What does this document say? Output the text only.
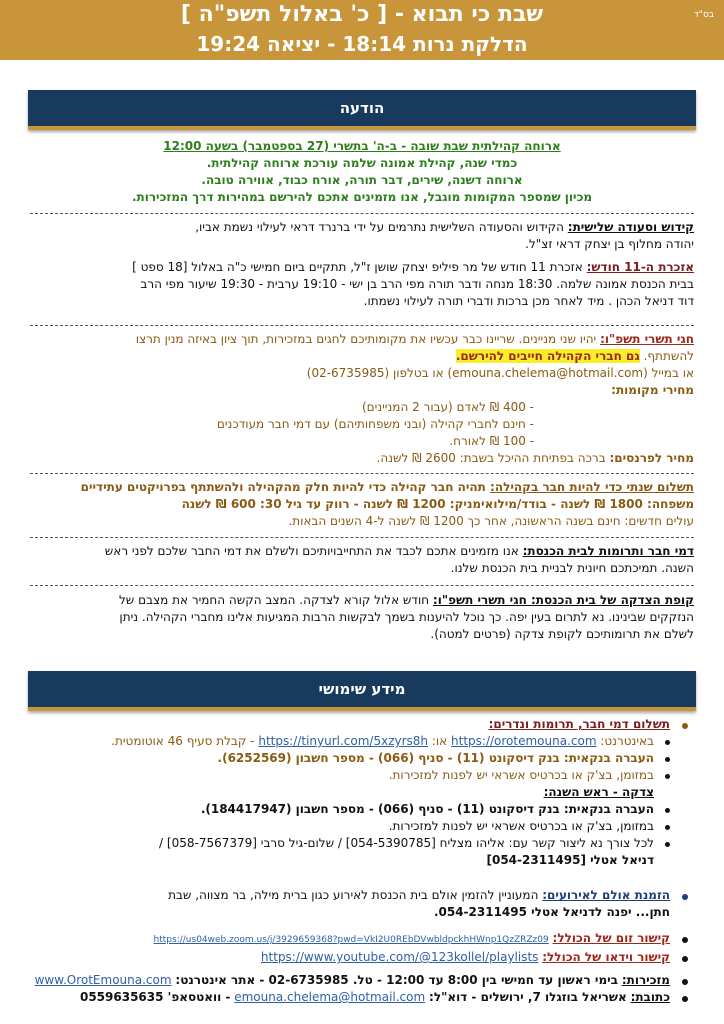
בס"ד
שבת כי תבוא - [ כ' באלול תשפ"ה ]
הדלקת נרות 18:14 - יציאה 19:24
הודעה
ארוחה קהילתית שבת שובה - ב-ה' בתשרי (27 בספטמבר) בשעה 12:00
כמדי שנה, קהילת אמונה שלמה עורכת ארוחה קהילתית.
ארוחה דשנה, שירים, דבר תורה, אורח כבוד, אווירה טובה.
מכיון שמספר המקומות מוגבל, אנו מזמינים אתכם להירשם במהירות דרך המזכירות.
קידוש וסעודה שלישית: הקידוש והסעודה השלישית נתרמים על ידי ברנרד דראי לעילוי נשמת אביו,
יהודה מחלוף בן יצחק דראי זצ"ל.
אזכרת ה-11 חודש: אזכרת 11 חודש של מר פיליפ יצחק שושן ז"ל, תתקיים ביום חמישי כ"ה באלול [18 ספט ]
בבית הכנסת אמונה שלמה. 18:30 מנחה ודבר תורה מפי הרב בן ישי - 19:10 ערבית - 19:30 שיעור מפי הרב
דוד דניאל הכהן . מיד לאחר מכן ברכות ודברי תורה לעילוי נשמתו.
חגי תשרי תשפ"ו: יהיו שני מניינים. שריינו כבר עכשיו את מקומותיכם לחגים במזכירות, תוך ציון באיזה מנין תרצו
להשתתף. גם חברי הקהילה חייבים להירשם.
או במייל (emouna.chelema@hotmail.com) או בטלפון (02-6735985)
מחירי מקומות:
- 400 ₪ לאדם (עבור 2 המניינים)
- חינם לחברי קהילה (ובני משפחותיהם) עם דמי חבר מעודכנים
- 100 ₪ לאורח.
מחיר לפרנסים: ברכה בפתיחת ההיכל בשבת: 2600 ₪ לשנה.
תשלום שנתי כדי להיות חבר בקהילה: תהיה חבר קהילה כדי להיות חלק מהקהילה ולהשתתף בפרויקטים עתידיים
משפחה: 1800 ₪ לשנה - בודד/מילואימניק: 1200 ₪ לשנה - רווק עד גיל 30: 600 ₪ לשנה
עולים חדשים: חינם בשנה הראשונה, אחר כך 1200 ₪ לשנה ל-4 השנים הבאות.
דמי חבר ותרומות לבית הכנסת: אנו מזמינים אתכם לכבד את התחייבויותיכם ולשלם את דמי החבר שלכם לפני ראש
השנה. תמיכתכם חיונית לבניית בית הכנסת שלנו.
קופת הצדקה של בית הכנסת: חגי תשרי תשפ"ו: חודש אלול קורא לצדקה. המצב הקשה החמיר את מצבם של
הנזקקים שבינינו. נא לתרום בעין יפה. כך נוכל להיענות בשמך לבקשות הרבות המגיעות אלינו מחברי הקהילה. ניתן
לשלם את תרומותיכם לקופת צדקה (פרטים למטה).
מידע שימושי
תשלום דמי חבר, תרומות ונדרים:
באינטרנט: https://orotemouna.com או: https://tinyurl.com/5xzyrs8h - קבלת סעיף 46 אוטומטית.
העברה בנקאית: בנק דיסקונט (11) - סניף (066) - מספר חשבון (6252569).
במזומן, בצ'ק או בכרטיס אשראי יש לפנות למזכירות.
צדקה - ראש השנה:
העברה בנקאית: בנק דיסקונט (11) - סניף (066) - מספר חשבון (184417947).
במזומן, בצ'ק או בכרטיס אשראי יש לפנות למזכירות.
לכל צורך נא ליצור קשר עם: אליהו מצליח [054-5390785] / שלום-גיל סרבי [058-7567379] /
דניאל אטלי [054-2311495]
הזמנת אולם לאירועים: המעוניין להזמין אולם בית הכנסת לאירוע כגון ברית מילה, בר מצווה, שבת
חתן... יפנה לדניאל אטלי 054-2311495.
קישור זום של הכולל: https://us04web.zoom.us/j/3929659368?pwd=VkI2U0REbDVwbldpckhHWnp1QzZRZz09
קישור וידאו של הכולל: https://www.youtube.com/@123kollel/playlists
מזכירות: בימי ראשון עד חמישי בין 8:00 עד 12:00 - טל. 02-6735985 - אתר אינטרנט: www.OrotEmouna.com
כתובת: אשריאל בוזגלו 7, ירושלים - דוא"ל: emouna.chelema@hotmail.com - וואטסאפ' 0559635635
